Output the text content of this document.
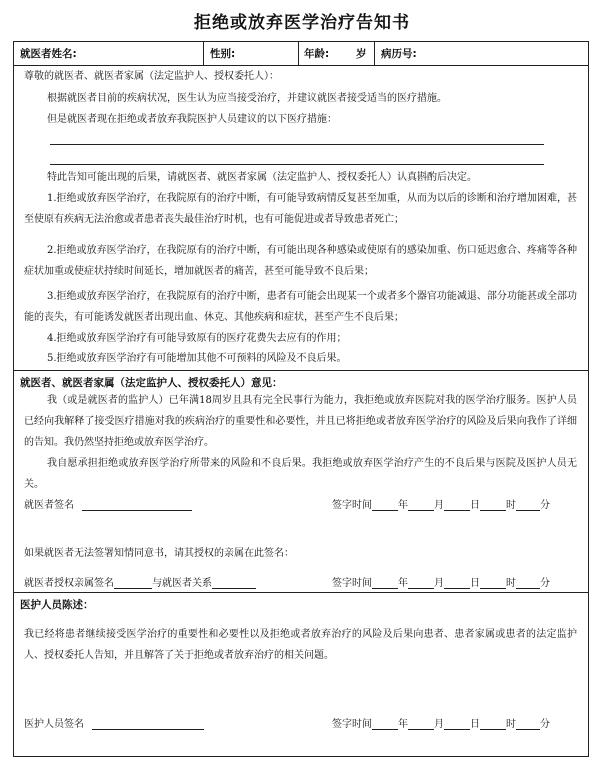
拒绝或放弃医学治疗告知书
就医者姓名:	性别:	年龄:	岁 病历号:
尊敬的就医者、就医者家属（法定监护人、授权委托人）：
根据就医者目前的疾病状况，医生认为应当接受治疗，并建议就医者接受适当的医疗措施。
但是就医者现在拒绝或者放弃我院医护人员建议的以下医疗措施：
特此告知可能出现的后果，请就医者、就医者家属（法定监护人、授权委托人）认真斟酌后决定。
1.拒绝或放弃医学治疗，在我院原有的治疗中断，有可能导致病情反复甚至加重，从而为以后的诊断和治疗增加困难，甚至使原有疾病无法治愈或者患者丧失最佳治疗时机，也有可能促进或者导致患者死亡；
2.拒绝或放弃医学治疗，在我院原有的治疗中断，有可能出现各种感染或使原有的感染加重、伤口延迟愈合、疼痛等各种症状加重或使症状持续时间延长，增加就医者的痛苦，甚至可能导致不良后果；
3.拒绝或放弃医学治疗，在我院原有的治疗中断，患者有可能会出现某一个或者多个器官功能减退、部分功能甚或全部功能的丧失，有可能诱发就医者出现出血、休克、其他疾病和症状，甚至产生不良后果；
4.拒绝或放弃医学治疗有可能导致原有的医疗花费失去应有的作用；
5.拒绝或放弃医学治疗有可能增加其他不可预料的风险及不良后果。
就医者、就医者家属（法定监护人、授权委托人）意见：
我（或是就医者的监护人）已年满18周岁且具有完全民事行为能力，我拒绝或放弃医院对我的医学治疗服务。医护人员已经向我解释了接受医疗措施对我的疾病治疗的重要性和必要性，并且已将拒绝或者放弃医学治疗的风险及后果向我作了详细的告知。我仍然坚持拒绝或放弃医学治疗。
我自愿承担拒绝或放弃医学治疗所带来的风险和不良后果。我拒绝或放弃医学治疗产生的不良后果与医院及医护人员无关。
就医者签名	签字时间	年	月	日	时 分
如果就医者无法签署知情同意书，请其授权的亲属在此签名：
就医者授权亲属签名	与就医者关系	签字时间	年	月	日	时 分
医护人员陈述：
我已经将患者继续接受医学治疗的重要性和必要性以及拒绝或者放弃治疗的风险及后果向患者、患者家属或患者的法定监护人、授权委托人告知，并且解答了关于拒绝或者放弃治疗的相关问题。
医护人员签名	签字时间	年	月	日	时 分
